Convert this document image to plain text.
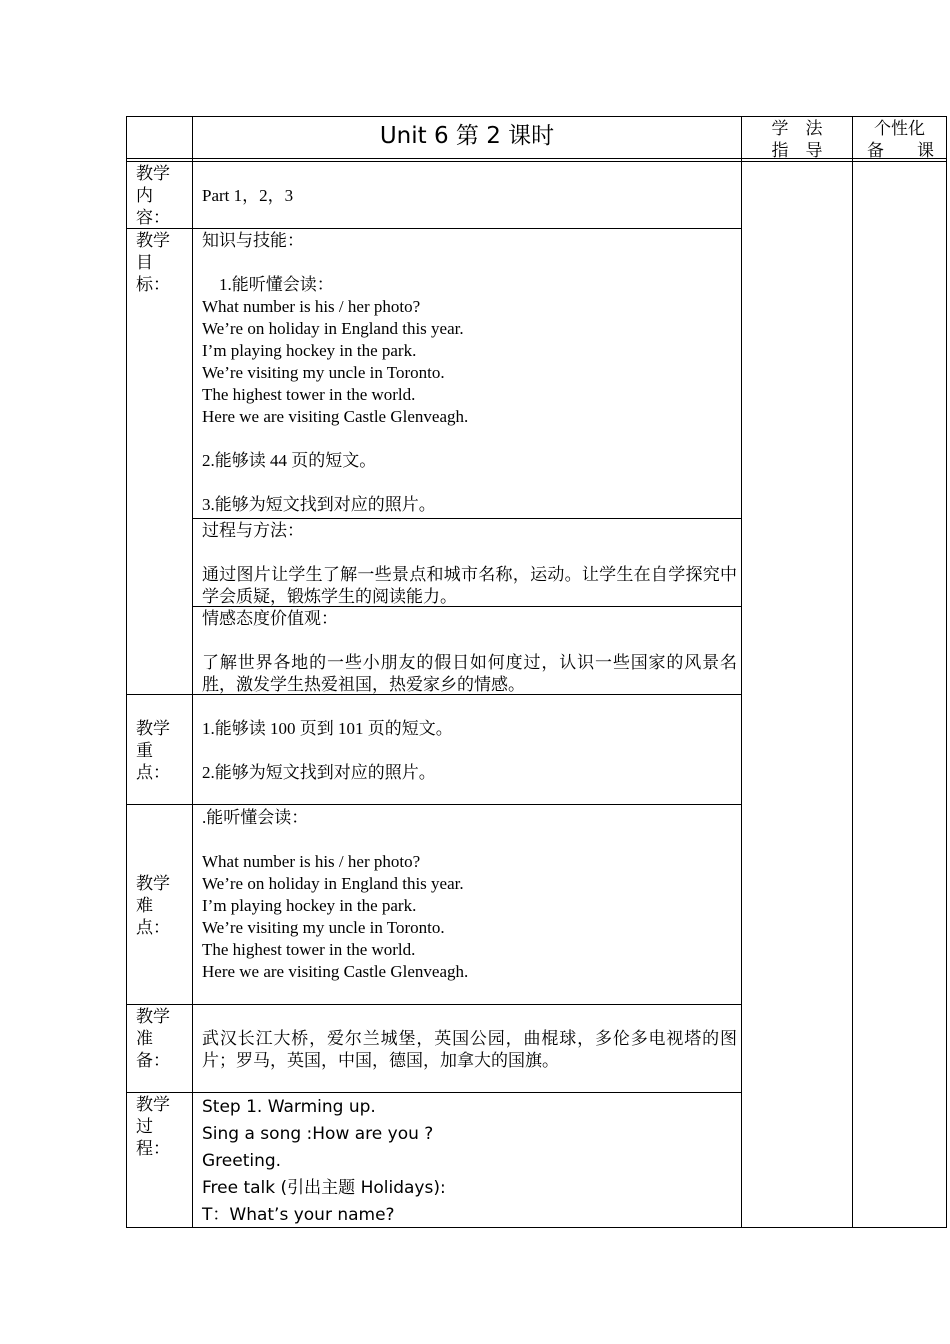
Unit 6 第 2 课时	学　法
指　导
个性化
备　课
教学
内
容：
Part 1，2，3
教学
目
标：
知识与技能：
1.能听懂会读：
What number is his / her photo?
We’re on holiday in England this year.
I’m playing hockey in the park.
We’re visiting my uncle in Toronto.
The highest tower in the world.
Here we are visiting Castle Glenveagh.
2.能够读 44 页的短文。
3.能够为短文找到对应的照片。
过程与方法：
通过图片让学生了解一些景点和城市名称，运动。让学生在自学探究中学会质疑，锻炼学生的阅读能力。
情感态度价值观：
了解世界各地的一些小朋友的假日如何度过，认识一些国家的风景名胜，激发学生热爱祖国，热爱家乡的情感。
教学
重
点：
1.能够读 100 页到 101 页的短文。
2.能够为短文找到对应的照片。
教学
难
点：
.能听懂会读：
What number is his / her photo?
We’re on holiday in England this year.
I’m playing hockey in the park.
We’re visiting my uncle in Toronto.
The highest tower in the world.
Here we are visiting Castle Glenveagh.
教学
准
备：
武汉长江大桥，爱尔兰城堡，英国公园，曲棍球，多伦多电视塔的图片；罗马，英国，中国，德国，加拿大的国旗。
教学
过
程：
Step 1. Warming up.
Sing a song :How are you ?
Greeting.
Free talk (引出主题 Holidays):
T：What’s your name?
